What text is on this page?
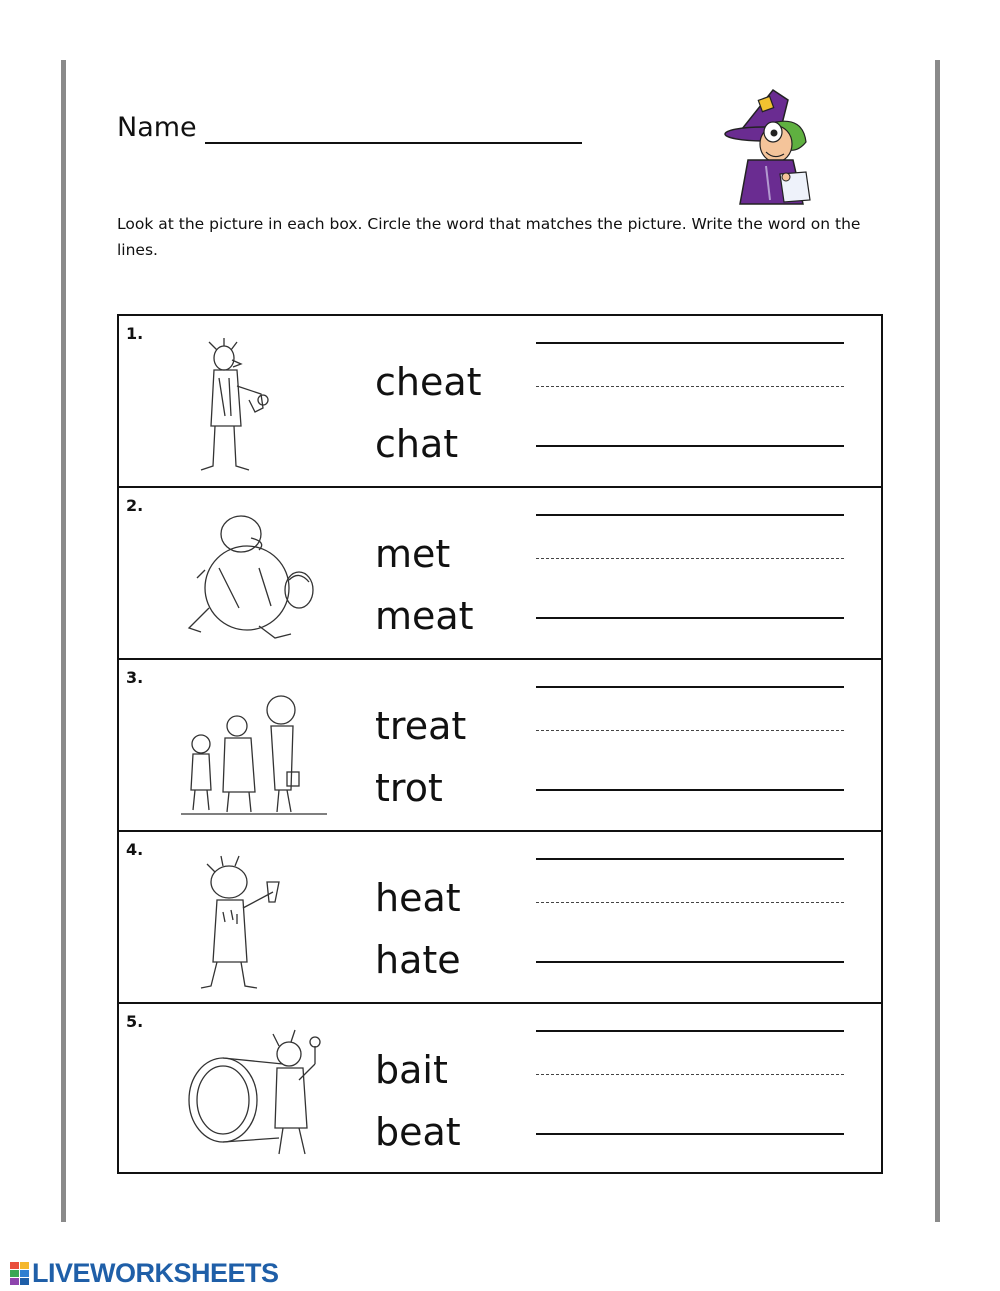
Name
Look at the picture in each box. Circle the word that matches the picture. Write the word on the lines.
1.
cheat
chat
2.
met
meat
3.
treat
trot
4.
heat
hate
5.
bait
beat
LIVEWORKSHEETS
